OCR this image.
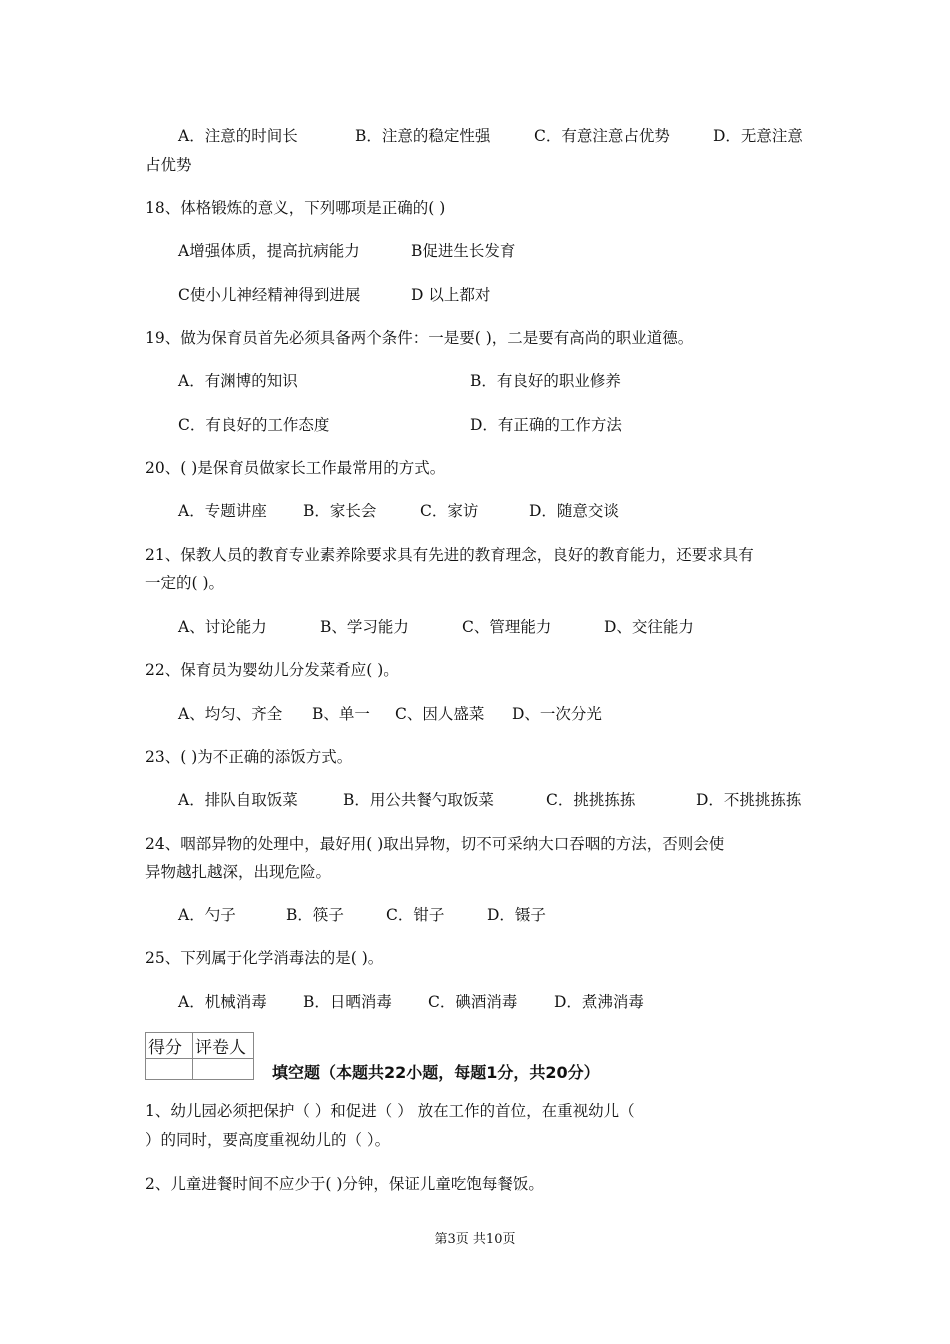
A．注意的时间长	B．注意的稳定性强	C．有意注意占优势	D．无意注意
占优势
18、体格锻炼的意义，下列哪项是正确的( )
A增强体质，提高抗病能力	B促进生长发育
C使小儿神经精神得到进展	D 以上都对
19、做为保育员首先必须具备两个条件：一是要( )，二是要有高尚的职业道德。
A．有渊博的知识	B．有良好的职业修养
C．有良好的工作态度	D．有正确的工作方法
20、( )是保育员做家长工作最常用的方式。
A．专题讲座 B．家长会	C．家访	D．随意交谈
21、保教人员的教育专业素养除要求具有先进的教育理念，良好的教育能力，还要求具有
一定的( )。
A、讨论能力	B、学习能力	C、管理能力	D、交往能力
22、保育员为婴幼儿分发菜肴应( )。
A、均匀、齐全 B、单一 C、因人盛菜 D、一次分光
23、( )为不正确的添饭方式。
A．排队自取饭菜	B．用公共餐勺取饭菜	C．挑挑拣拣	D．不挑挑拣拣
24、咽部异物的处理中，最好用( )取出异物，切不可采纳大口吞咽的方法，否则会使
异物越扎越深，出现危险。
A．勺子	B．筷子	C．钳子	D．镊子
25、下列属于化学消毒法的是( )。
A．机械消毒 B．日晒消毒 C．碘酒消毒 D．煮沸消毒
得分	评卷人

填空题（本题共22小题，每题1分，共20分）
1、幼儿园必须把保护（ ）和促进（ ） 放在工作的首位，在重视幼儿（
）的同时，要高度重视幼儿的（ ）。
2、儿童进餐时间不应少于( )分钟，保证儿童吃饱每餐饭。
第3页 共10页
